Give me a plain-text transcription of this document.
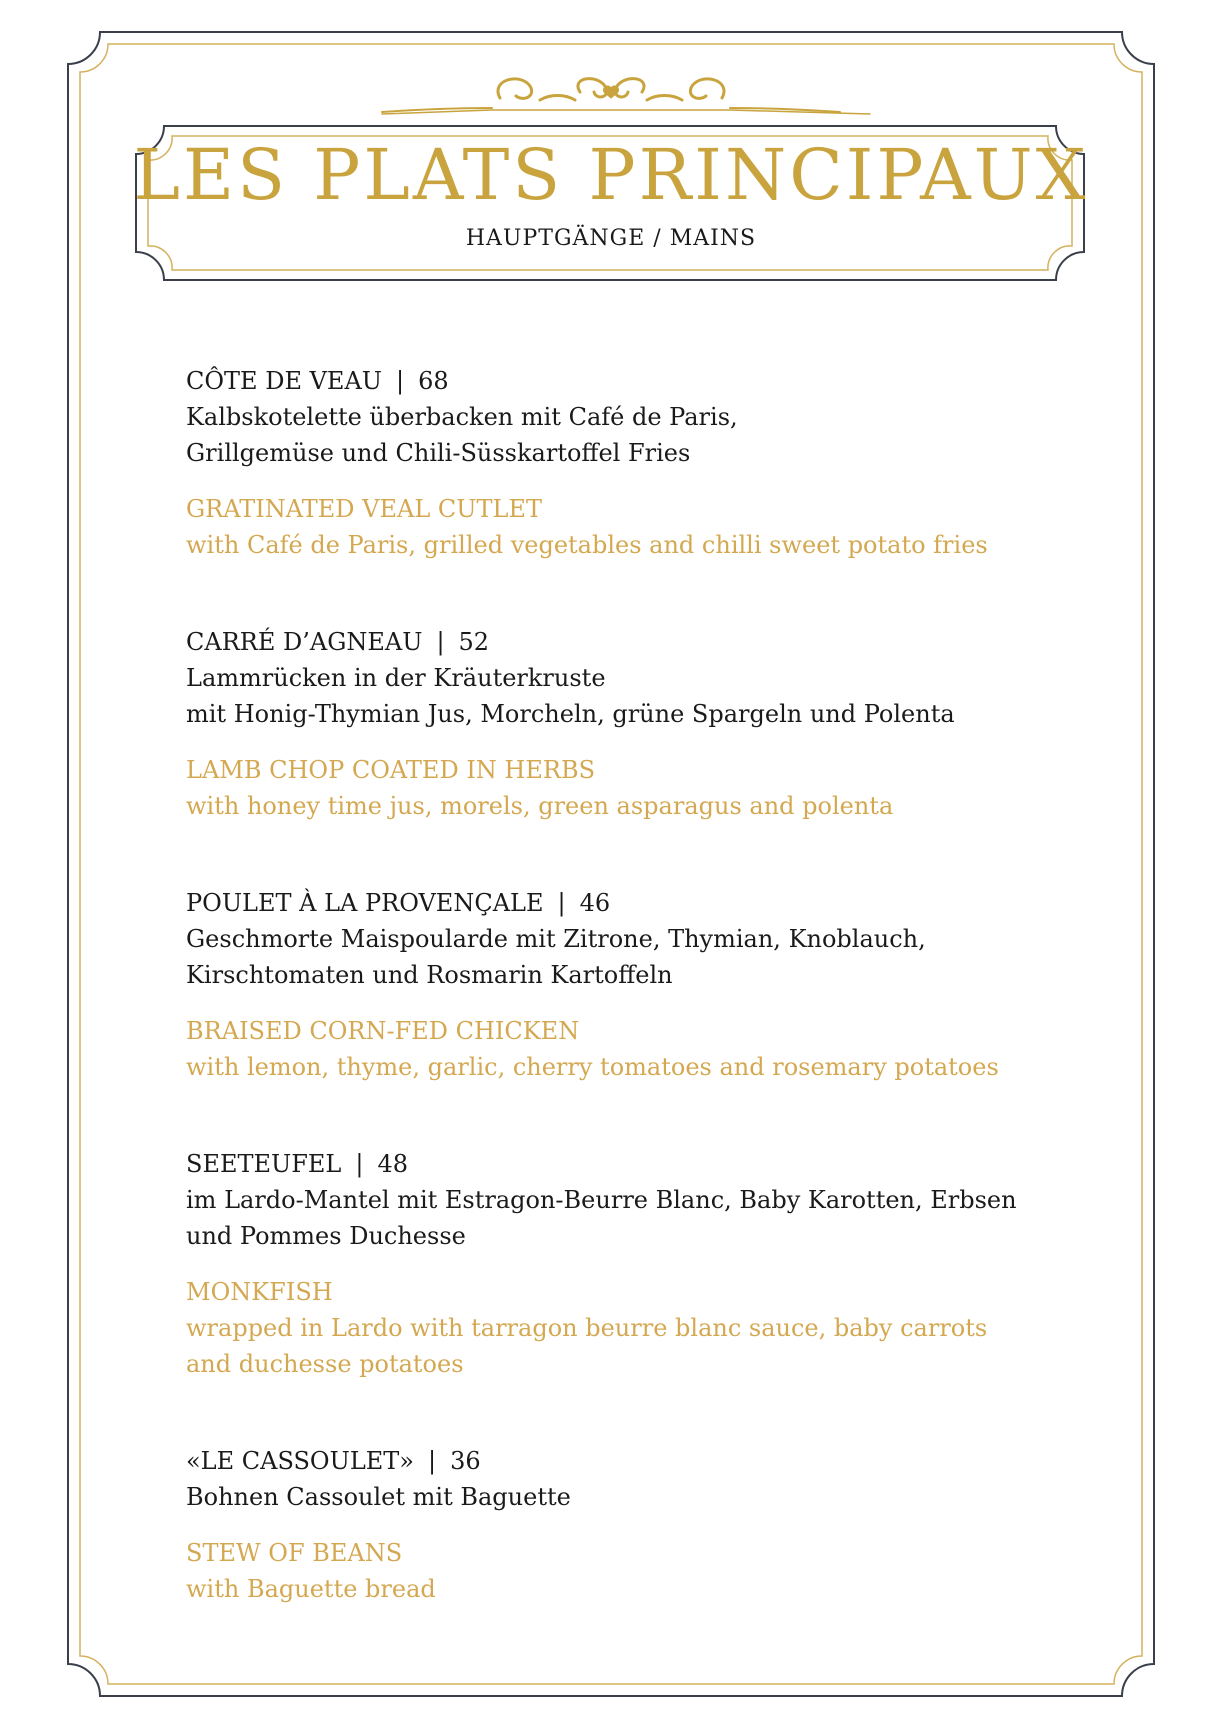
LES PLATS PRINCIPAUX
HAUPTGÄNGE / MAINS

CÔTE DE VEAU | 68

Kalbskotelette überbacken mit Café de Paris,

Grillgemüse und Chili-Süsskartoffel Fries

GRATINATED VEAL CUTLET

with Café de Paris, grilled vegetables and chilli sweet potato fries

CARRÉ D’AGNEAU | 52

Lammrücken in der Kräuterkruste

mit Honig-Thymian Jus, Morcheln, grüne Spargeln und Polenta

LAMB CHOP COATED IN HERBS

with honey time jus, morels, green asparagus and polenta

POULET À LA PROVENÇALE | 46

Geschmorte Maispoularde mit Zitrone, Thymian, Knoblauch,

Kirschtomaten und Rosmarin Kartoffeln

BRAISED CORN-FED CHICKEN

with lemon, thyme, garlic, cherry tomatoes and rosemary potatoes

SEETEUFEL | 48

im Lardo-Mantel mit Estragon-Beurre Blanc, Baby Karotten, Erbsen

und Pommes Duchesse

MONKFISH

wrapped in Lardo with tarragon beurre blanc sauce, baby carrots

and duchesse potatoes

«LE CASSOULET» | 36

Bohnen Cassoulet mit Baguette

STEW OF BEANS

with Baguette bread
